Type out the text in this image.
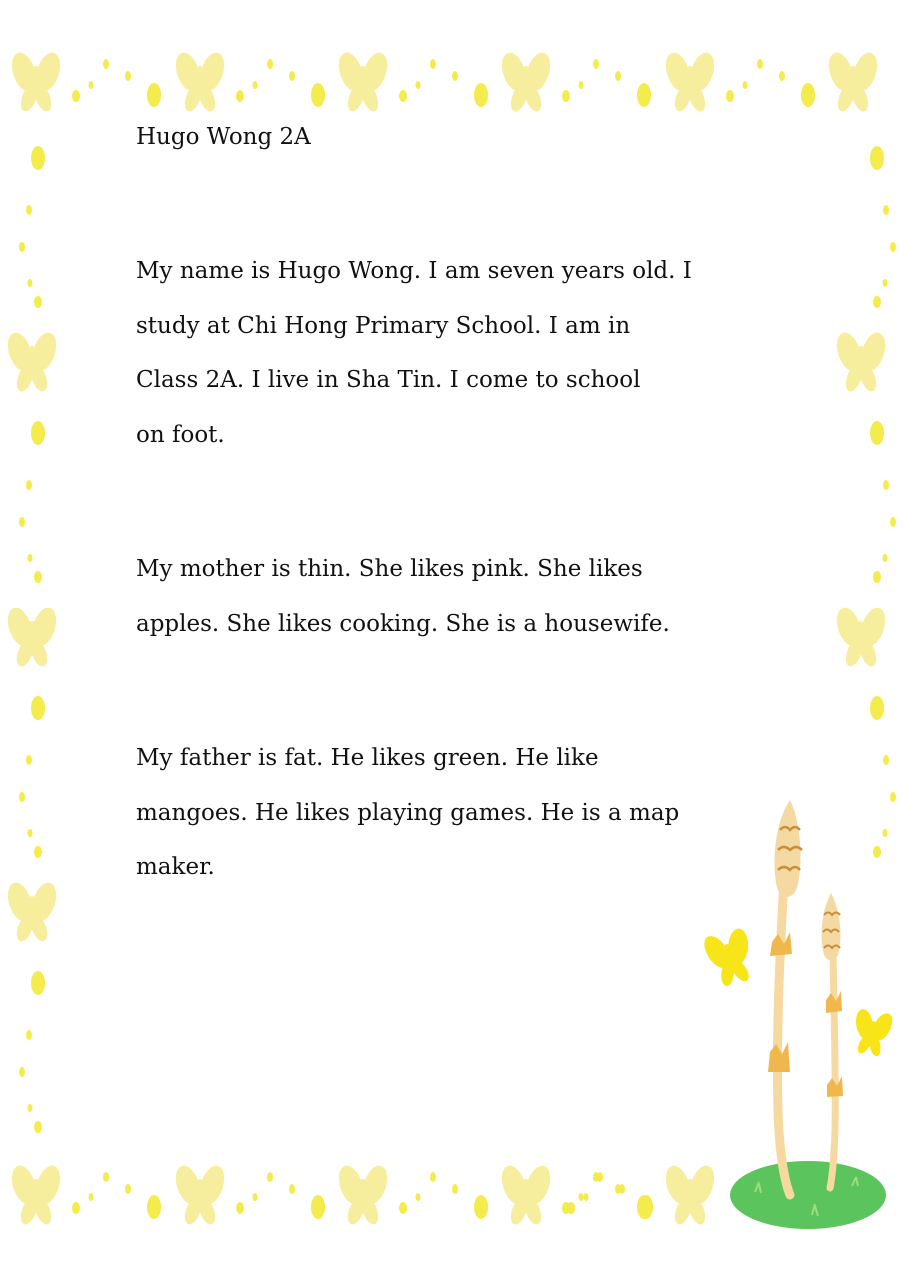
Hugo Wong 2A

My name is Hugo Wong. I am seven years old. I
study at Chi Hong Primary School. I am in
Class 2A. I live in Sha Tin. I come to school
on foot.
My mother is thin. She likes pink. She likes
apples. She likes cooking. She is a housewife.
My father is fat. He likes green. He like
mangoes. He likes playing games. He is a map
maker.
